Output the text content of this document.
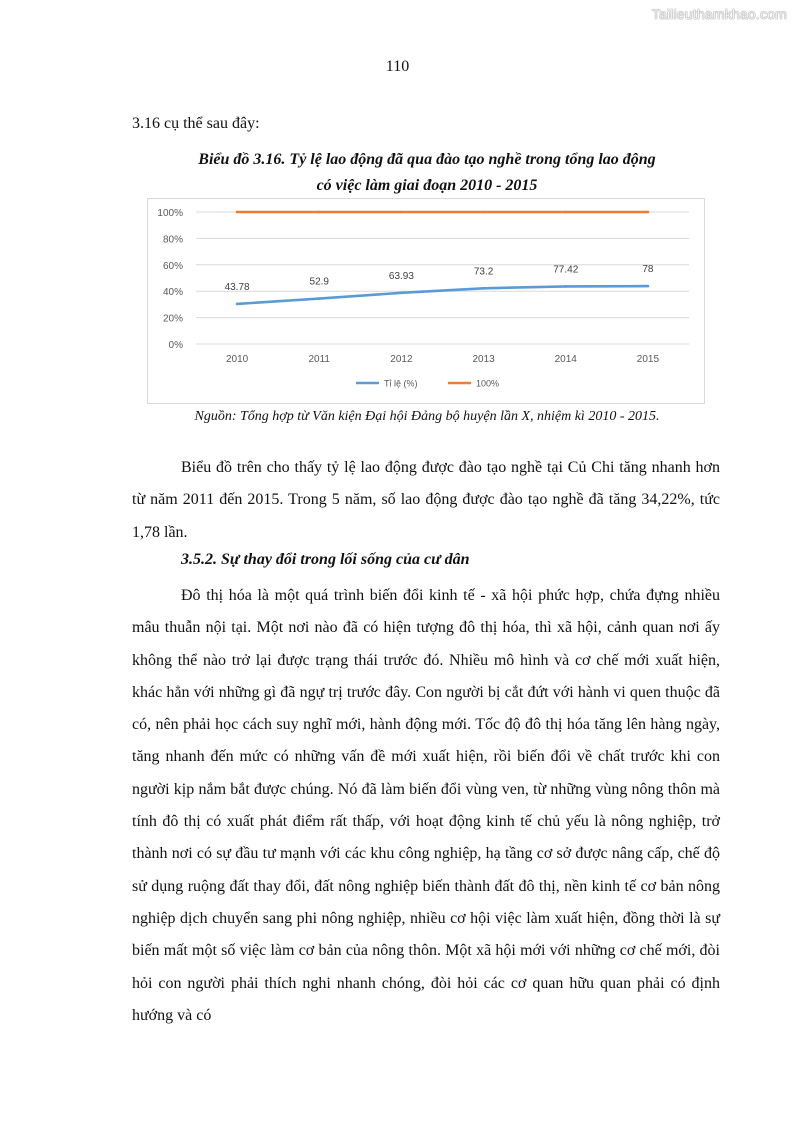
Tailieuthamkhao.com
110
3.16 cụ thể sau đây:
Biểu đồ 3.16. Tỷ lệ lao động đã qua đào tạo nghề trong tổng lao động
có việc làm giai đoạn 2010 - 2015
0%
20%
40%
60%
80%
100%
2010	2011	2012	2013	2014	2015
43.78	52.9
63.93	73.2	77.42	78
Tỉ lệ (%)	100%
Nguồn: Tổng hợp từ Văn kiện Đại hội Đảng bộ huyện lần X, nhiệm kì 2010 - 2015.

Biểu đồ trên cho thấy tỷ lệ lao động được đào tạo nghề tại Củ Chi tăng nhanh hơn từ năm 2011 đến 2015. Trong 5 năm, số lao động được đào tạo nghề đã tăng 34,22%, tức 1,78 lần.

3.5.2. Sự thay đổi trong lối sống của cư dân

Đô thị hóa là một quá trình biến đổi kinh tế - xã hội phức hợp, chứa đựng nhiều mâu thuẫn nội tại. Một nơi nào đã có hiện tượng đô thị hóa, thì xã hội, cảnh quan nơi ấy không thể nào trở lại được trạng thái trước đó. Nhiều mô hình và cơ chế mới xuất hiện, khác hẳn với những gì đã ngự trị trước đây. Con người bị cắt đứt với hành vi quen thuộc đã có, nên phải học cách suy nghĩ mới, hành động mới. Tốc độ đô thị hóa tăng lên hàng ngày, tăng nhanh đến mức có những vấn đề mới xuất hiện, rồi biến đổi về chất trước khi con người kịp nắm bắt được chúng. Nó đã làm biến đổi vùng ven, từ những vùng nông thôn mà tính đô thị có xuất phát điểm rất thấp, với hoạt động kinh tế chủ yếu là nông nghiệp, trở thành nơi có sự đầu tư mạnh với các khu công nghiệp, hạ tầng cơ sở được nâng cấp, chế độ sử dụng ruộng đất thay đổi, đất nông nghiệp biến thành đất đô thị, nền kinh tế cơ bản nông nghiệp dịch chuyển sang phi nông nghiệp, nhiều cơ hội việc làm xuất hiện, đồng thời là sự biến mất một số việc làm cơ bản của nông thôn. Một xã hội mới với những cơ chế mới, đòi hỏi con người phải thích nghi nhanh chóng, đòi hỏi các cơ quan hữu quan phải có định hướng và có
